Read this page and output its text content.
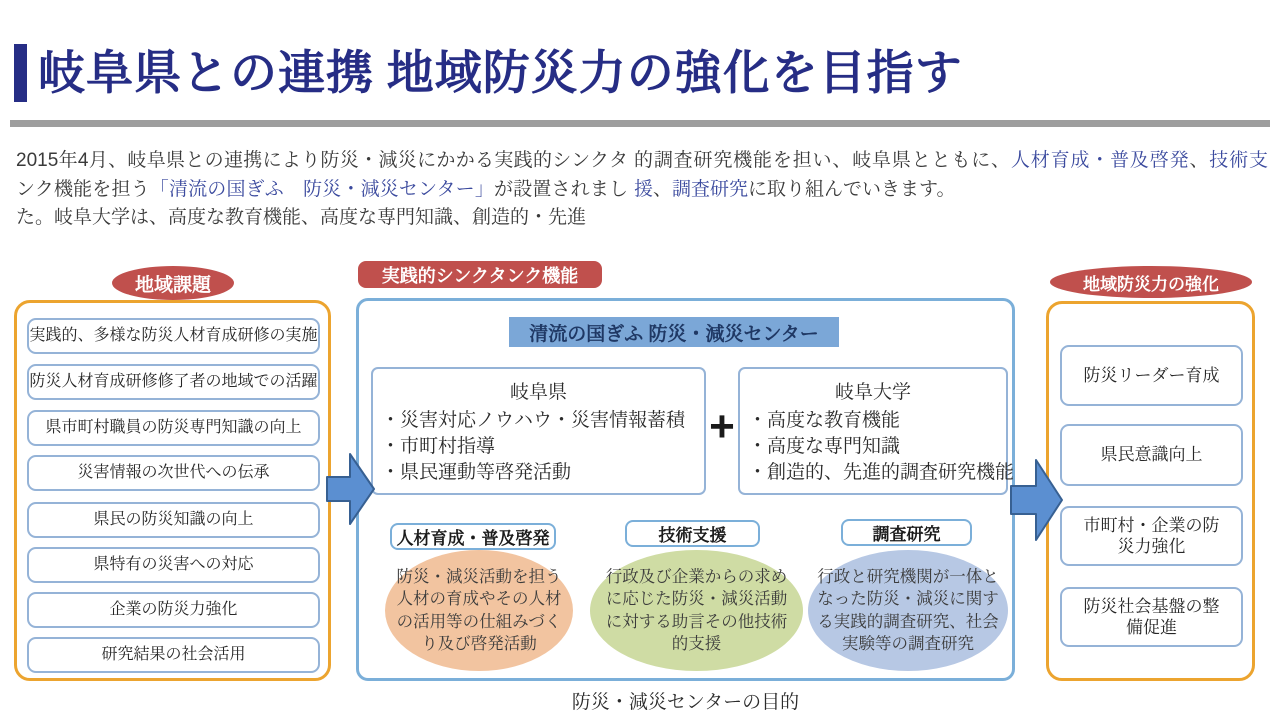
岐阜県との連携 地域防災力の強化を目指す
2015年4月、岐阜県との連携により防災・減災にかかる実践的シンクタンク機能を担う「清流の国ぎふ　防災・減災センター」が設置されました。岐阜大学は、高度な教育機能、高度な専門知識、創造的・先進
的調査研究機能を担い、岐阜県とともに、人材育成・普及啓発、技術支援、調査研究に取り組んでいきます。
地域課題
実践的、多様な防災人材育成研修の実施
防災人材育成研修修了者の地域での活躍
県市町村職員の防災専門知識の向上
災害情報の次世代への伝承
県民の防災知識の向上
県特有の災害への対応
企業の防災力強化
研究結果の社会活用
実践的シンクタンク機能
清流の国ぎふ 防災・減災センター
岐阜県
・災害対応ノウハウ・災害情報蓄積
・市町村指導
・県民運動等啓発活動
+
岐阜大学
・高度な教育機能
・高度な専門知識
・創造的、先進的調査研究機能
人材育成・普及啓発	技術支援	調査研究
防災・減災活動を担う人材の育成やその人材の活用等の仕組みづくり及び啓発活動
行政及び企業からの求めに応じた防災・減災活動に対する助言その他技術的支援
行政と研究機関が一体となった防災・減災に関する実践的調査研究、社会実験等の調査研究
地域防災力の強化
防災リーダー育成
県民意識向上
市町村・企業の防災力強化
防災社会基盤の整備促進
防災・減災センターの目的
